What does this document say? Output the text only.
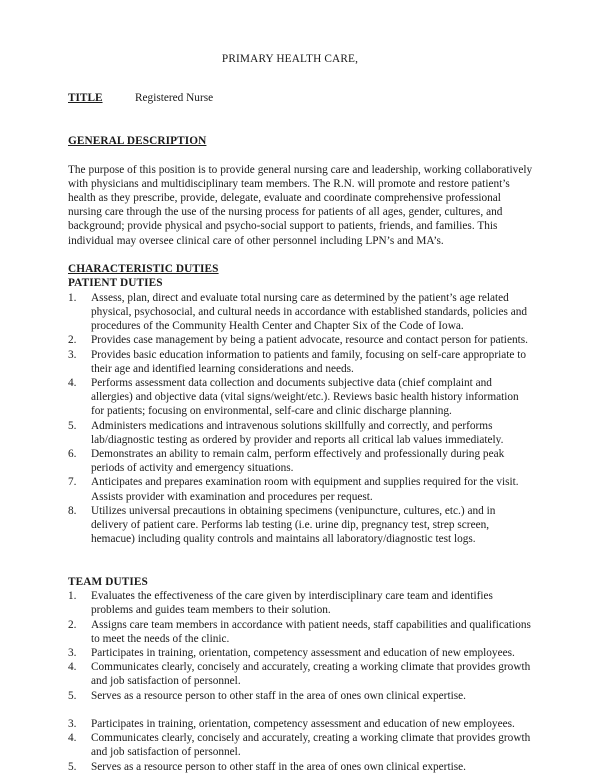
PRIMARY HEALTH CARE,
TITLE	Registered Nurse
GENERAL DESCRIPTION

The purpose of this position is to provide general nursing care and leadership, working collaboratively with physicians and multidisciplinary team members. The R.N. will promote and restore patient’s health as they prescribe, provide, delegate, evaluate and coordinate comprehensive professional nursing care through the use of the nursing process for patients of all ages, gender, cultures, and background; provide physical and psycho-social support to patients, friends, and families. This individual may oversee clinical care of other personnel including LPN’s and MA’s.

CHARACTERISTIC DUTIES
PATIENT DUTIES
1.	Assess, plan, direct and evaluate total nursing care as determined by the patient’s age related physical, psychosocial, and cultural needs in accordance with established standards, policies and procedures of the Community Health Center and Chapter Six of the Code of Iowa.
2.	Provides case management by being a patient advocate, resource and contact person for patients.
3.	Provides basic education information to patients and family, focusing on self-care appropriate to their age and identified learning considerations and needs.
4.	Performs assessment data collection and documents subjective data (chief complaint and allergies) and objective data (vital signs/weight/etc.). Reviews basic health history information for patients; focusing on environmental, self-care and clinic discharge planning.
5.	Administers medications and intravenous solutions skillfully and correctly, and performs lab/diagnostic testing as ordered by provider and reports all critical lab values immediately.
6.	Demonstrates an ability to remain calm, perform effectively and professionally during peak periods of activity and emergency situations.
7.	Anticipates and prepares examination room with equipment and supplies required for the visit. Assists provider with examination and procedures per request.
8.	Utilizes universal precautions in obtaining specimens (venipuncture, cultures, etc.) and in delivery of patient care. Performs lab testing (i.e. urine dip, pregnancy test, strep screen, hemacue) including quality controls and maintains all laboratory/diagnostic test logs.
TEAM DUTIES
1.	Evaluates the effectiveness of the care given by interdisciplinary care team and identifies problems and guides team members to their solution.
2.	Assigns care team members in accordance with patient needs, staff capabilities and qualifications to meet the needs of the clinic.
3.	Participates in training, orientation, competency assessment and education of new employees.
4.	Communicates clearly, concisely and accurately, creating a working climate that provides growth and job satisfaction of personnel.
5.	Serves as a resource person to other staff in the area of ones own clinical expertise.
3.	Participates in training, orientation, competency assessment and education of new employees.
4.	Communicates clearly, concisely and accurately, creating a working climate that provides growth and job satisfaction of personnel.
5.	Serves as a resource person to other staff in the area of ones own clinical expertise.
